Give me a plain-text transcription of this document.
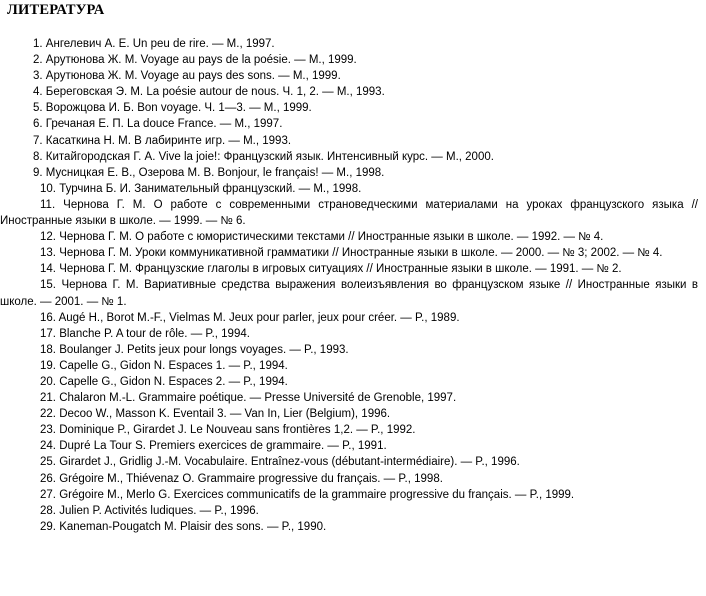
ЛИТЕРАТУРА
1. Ангелевич А. Е. Un peu de rire. — М., 1997.
2. Арутюнова Ж. М. Voyage au pays de la poésie. — М., 1999.
3. Арутюнова Ж. М. Voyage au pays des sons. — М., 1999.
4. Береговская Э. М. La poésie autour de nous. Ч. 1, 2. — М., 1993.
5. Ворожцова И. Б. Bon voyage. Ч. 1—3. — М., 1999.
6. Гречаная Е. П. La douce France. — М., 1997.
7. Касаткина Н. М. В лабиринте игр. — М., 1993.
8. Китайгородская Г. А. Vive la joie!: Французский язык. Интенсивный курс. — М., 2000.
9. Мусницкая Е. В., Озерова М. В. Bonjour, le français! — М., 1998.
10. Турчина Б. И. Занимательный французский. — М., 1998.
11. Чернова Г. М. О работе с современными страноведческими материалами на уроках французского языка // Иностранные языки в школе. — 1999. — № 6.
12. Чернова Г. М. О работе с юмористическими текстами // Иностранные языки в школе. — 1992. — № 4.
13. Чернова Г. М. Уроки коммуникативной грамматики // Иностранные языки в школе. — 2000. — № 3; 2002. — № 4.
14. Чернова Г. М. Французские глаголы в игровых ситуациях // Иностранные языки в школе. — 1991. — № 2.
15. Чернова Г. М. Вариативные средства выражения волеизъявления во французском языке // Иностранные языки в школе. — 2001. — № 1.
16. Augé H., Borot M.-F., Vielmas M. Jeux pour parler, jeux pour créer. — P., 1989.
17. Blanche P. A tour de rôle. — P., 1994.
18. Boulanger J. Petits jeux pour longs voyages. — P., 1993.
19. Capelle G., Gidon N. Espaces 1. — P., 1994.
20. Capelle G., Gidon N. Espaces 2. — P., 1994.
21. Chalaron M.-L. Grammaire poétique. — Presse Université de Grenoble, 1997.
22. Decoo W., Masson K. Eventail 3. — Van In, Lier (Belgium), 1996.
23. Dominique P., Girardet J. Le Nouveau sans frontières 1,2. — P., 1992.
24. Dupré La Tour S. Premiers exercices de grammaire. — P., 1991.
25. Girardet J., Gridlig J.-M. Vocabulaire. Entraînez-vous (débutant-intermédiaire). — P., 1996.
26. Grégoire M., Thiévenaz O. Grammaire progressive du français. — P., 1998.
27. Grégoire M., Merlo G. Exercices communicatifs de la grammaire progressive du français. — P., 1999.
28. Julien P. Activités ludiques. — P., 1996.
29. Kaneman-Pougatch M. Plaisir des sons. — P., 1990.
